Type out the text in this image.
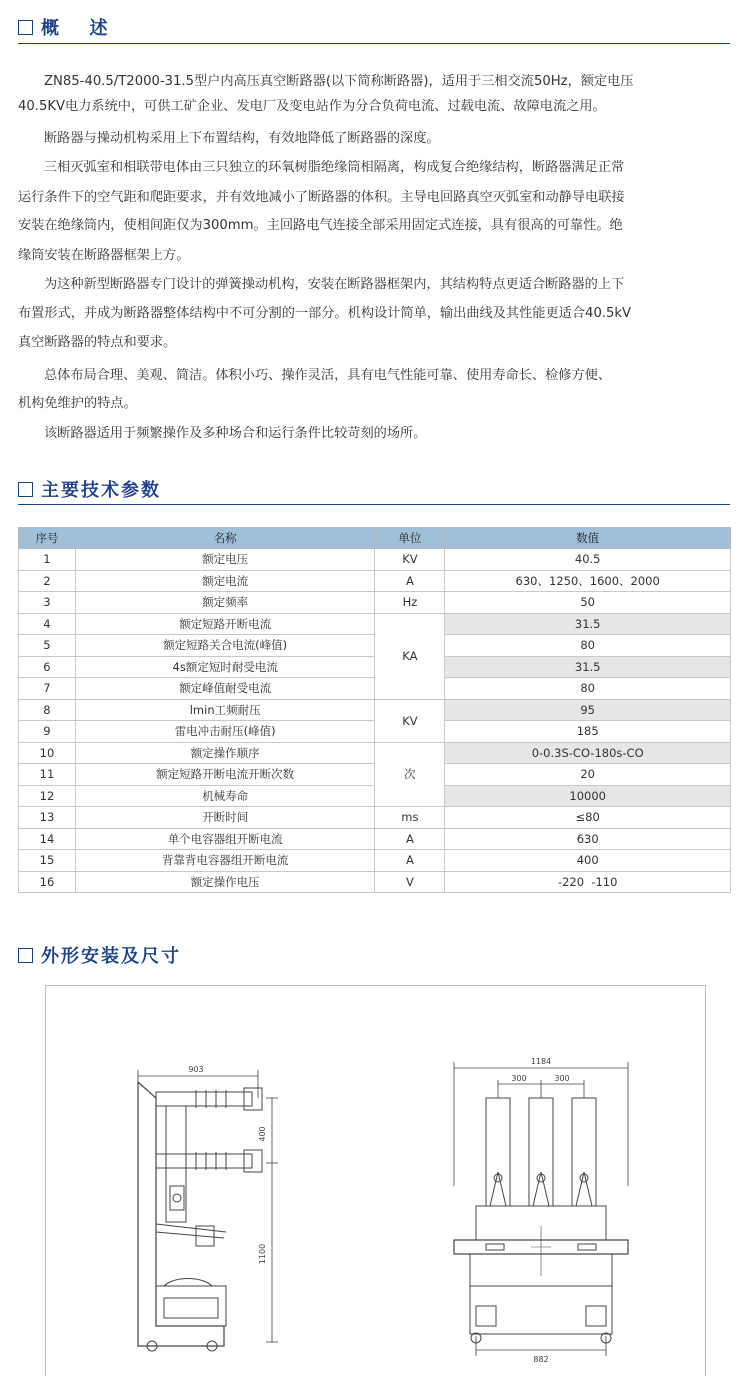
概  述

ZN85-40.5/T2000-31.5型户内高压真空断路器(以下简称断路器)，适用于三相交流50Hz，额定电压

40.5KV电力系统中，可供工矿企业、发电厂及变电站作为分合负荷电流、过载电流、故障电流之用。

断路器与操动机构采用上下布置结构，有效地降低了断路器的深度。

三相灭弧室和相联带电体由三只独立的环氧树脂绝缘筒相隔离，构成复合绝缘结构，断路器满足正常

运行条件下的空气距和爬距要求，并有效地减小了断路器的体积。主导电回路真空灭弧室和动静导电联接

安装在绝缘筒内，使相间距仅为300mm。主回路电气连接全部采用固定式连接，具有很高的可靠性。绝

缘筒安装在断路器框架上方。

为这种新型断路器专门设计的弹簧操动机构，安装在断路器框架内，其结构特点更适合断路器的上下

布置形式，并成为断路器整体结构中不可分割的一部分。机构设计简单，输出曲线及其性能更适合40.5kV

真空断路器的特点和要求。

总体布局合理、美观、简洁。体积小巧、操作灵活，具有电气性能可靠、使用寿命长、检修方便、

机构免维护的特点。

该断路器适用于频繁操作及多种场合和运行条件比较苛刻的场所。

主要技术参数
序号	名称	单位	数值
1	额定电压	KV	40.5
2	额定电流	A	630、1250、1600、2000
3	额定频率	Hz	50
4	额定短路开断电流	KA	31.5
5	额定短路关合电流(峰值)		80
6	4s额定短时耐受电流		31.5
7	额定峰值耐受电流		80
8	lmin工频耐压	KV	95
9	雷电冲击耐压(峰值)		185
10	额定操作顺序	次	0-0.3S-CO-180s-CO
11	额定短路开断电流开断次数		20
12	机械寿命		10000
13	开断时间	ms	≤80
14	单个电容器组开断电流	A	630
15	背靠背电容器组开断电流	A	400
16	额定操作电压	V	-220  -110
外形安装及尺寸
903
400
1100
1184
300	300
882
